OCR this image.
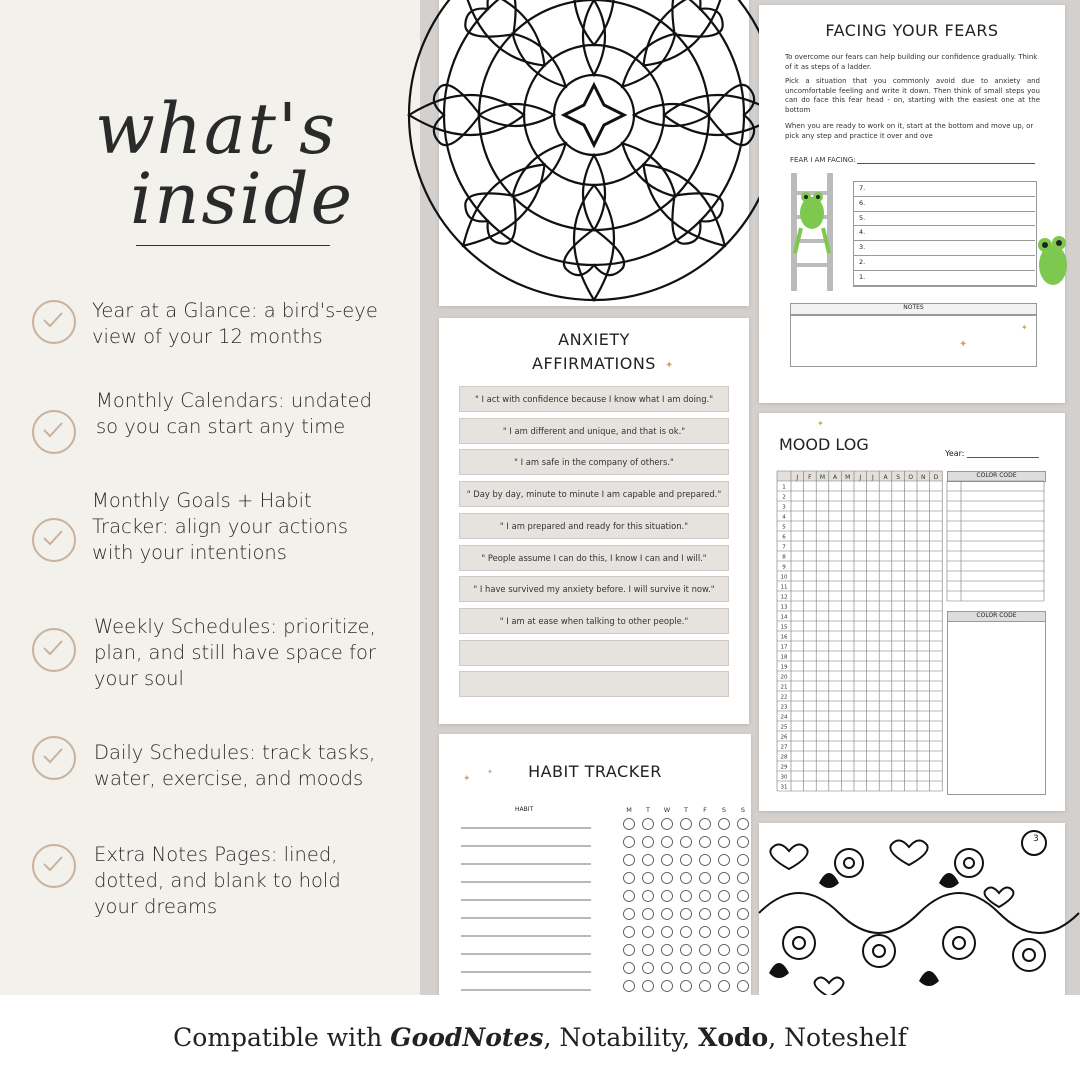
what's
inside
Year at a Glance: a bird's-eye view of your 12 months
Monthly Calendars: undated so you can start any time
Monthly Goals + Habit Tracker: align your actions with your intentions
Weekly Schedules: prioritize, plan, and still have space for your soul
Daily Schedules: track tasks, water, exercise, and moods
Extra Notes Pages: lined, dotted, and blank to hold your dreams
FACING YOUR FEARS
To overcome our fears can help building our confidence gradually. Think of it as steps of a ladder.
Pick a situation that you commonly avoid due to anxiety and uncomfortable feeling and write it down. Then think of small steps you can do face this fear head - on, starting with the easiest one at the bottom
When you are ready to work on it, start at the bottom and move up, or pick any step and practice it over and ove
FEAR I AM FACING:
7.
6.
5.
4.
3.
2.
1.
NOTES
✦
✦
ANXIETY
AFFIRMATIONS ✦
" I act with confidence because I know what I am doing."
" I am different and unique, and that is ok."
" I am safe in the company of others."
" Day by day, minute to minute I am capable and prepared."
" I am prepared and ready for this situation."
" People assume I can do this, I know I can and I will."
" I have survived my anxiety before. I will survive it now."
" I am at ease when talking to other people."
MOOD LOG	Year:
✦
J F M A M J J A S O N D
1
2
3
4
5
6
7
8
9
10
11
12
13
14
15
16
17
18
19
20
21
22
23
24
25
26
27
28
29
30
31
COLOR CODE
COLOR CODE
HABIT TRACKER
✦
✦
HABIT	M T W T F S S
3
Compatible with GoodNotes , Notability, Xodo , Noteshelf
